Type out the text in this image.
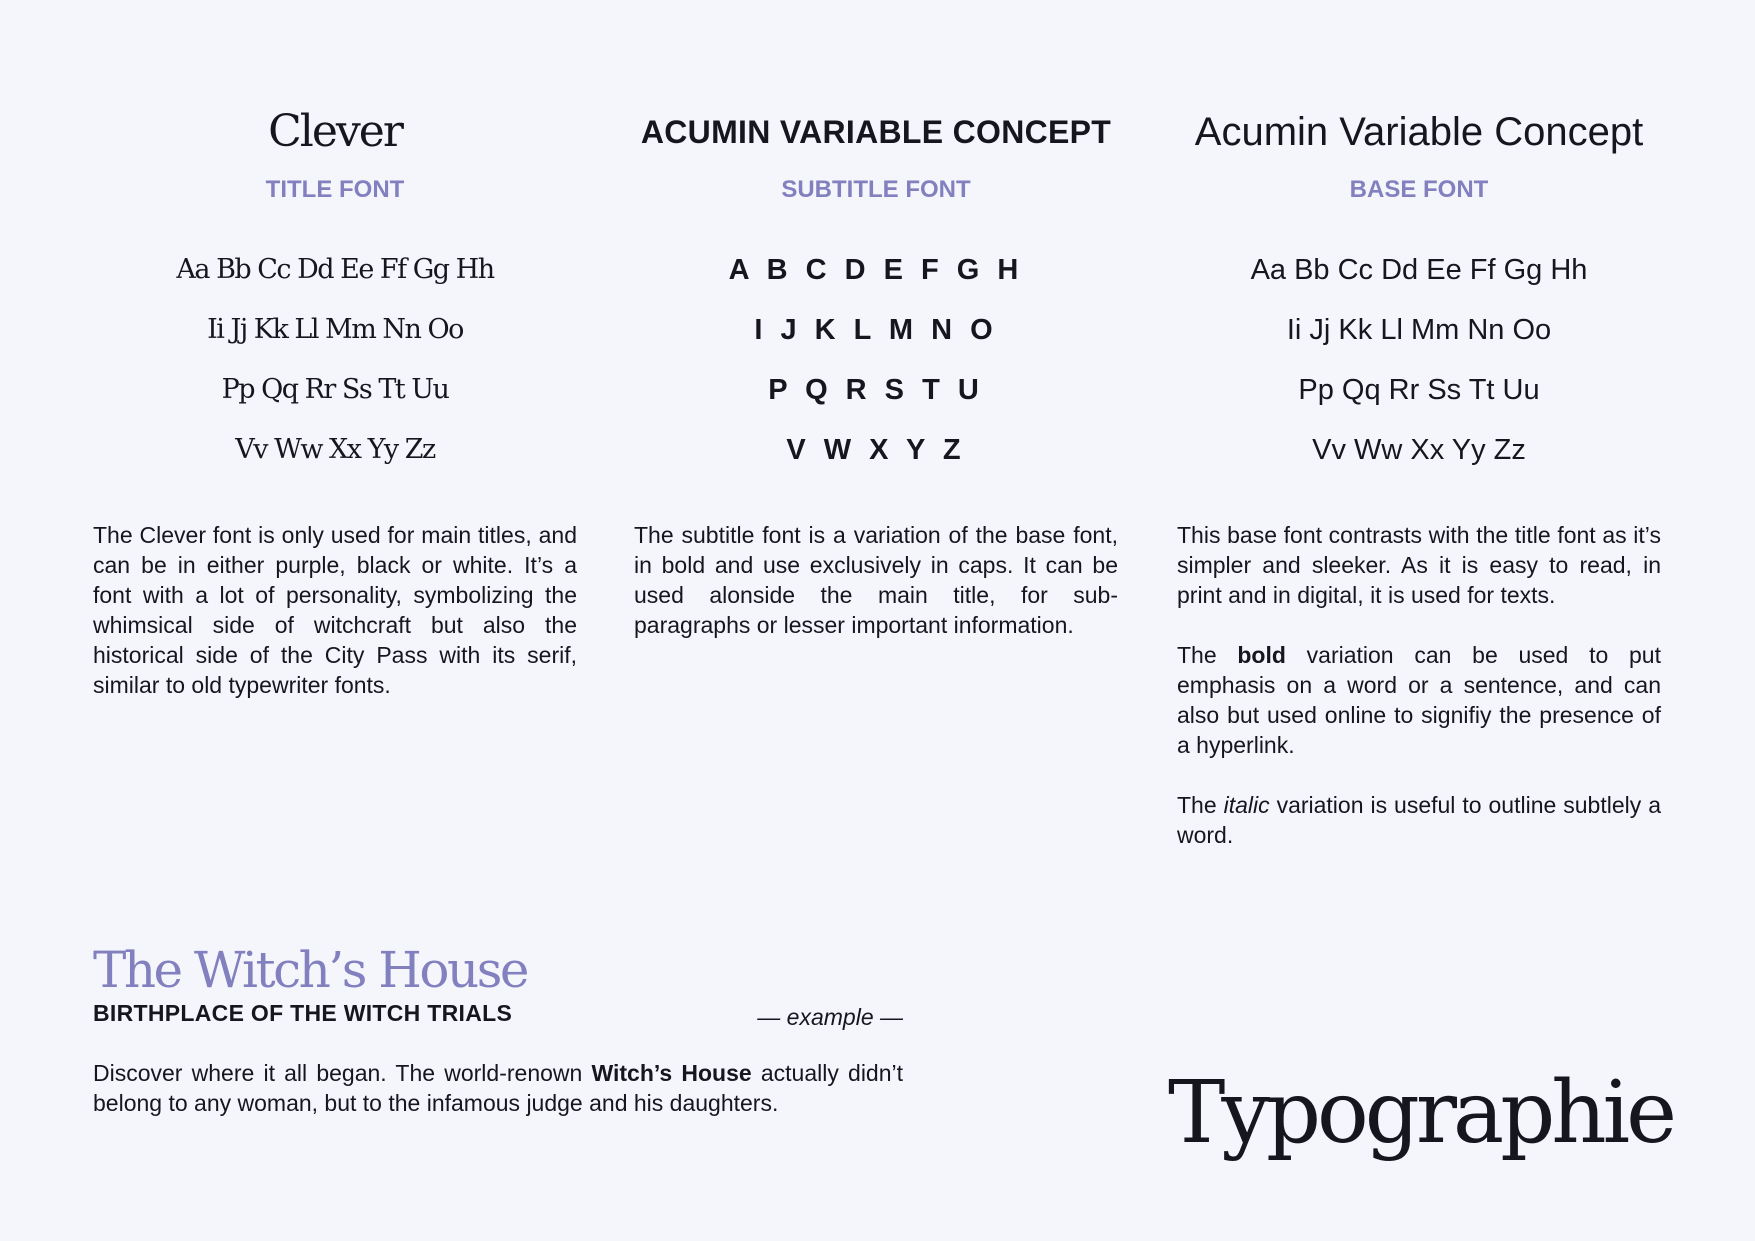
Clever
TITLE FONT
Aa Bb Cc Dd Ee Ff Gg Hh
Ii Jj Kk Ll Mm Nn Oo
Pp Qq Rr Ss Tt Uu
Vv Ww Xx Yy Zz

The Clever font is only used for main titles, and can be in either purple, black or white. It’s a font with a lot of personality, symbolizing the whimsical side of witchcraft but also the historical side of the City Pass with its serif, similar to old typewriter fonts.

ACUMIN VARIABLE CONCEPT
SUBTITLE FONT
A B C D E F G H
I J K L M N O
P Q R S T U
V W X Y Z

The subtitle font is a variation of the base font, in bold and use exclusively in caps. It can be used alonside the main title, for sub-paragraphs or lesser important information.

Acumin Variable Concept
BASE FONT
Aa Bb Cc Dd Ee Ff Gg Hh
Ii Jj Kk Ll Mm Nn Oo
Pp Qq Rr Ss Tt Uu
Vv Ww Xx Yy Zz

This base font contrasts with the title font as it’s simpler and sleeker. As it is easy to read, in print and in digital, it is used for texts.

The bold variation can be used to put emphasis on a word or a sentence, and can also but used online to signifiy the presence of a hyperlink.

The italic variation is useful to outline subtlely a word.

The Witch’s House
BIRTHPLACE OF THE WITCH TRIALS	— example —
Discover where it all began. The world-renown Witch’s House actually didn’t belong to any woman, but to the infamous judge and his daughters.	Typographie
